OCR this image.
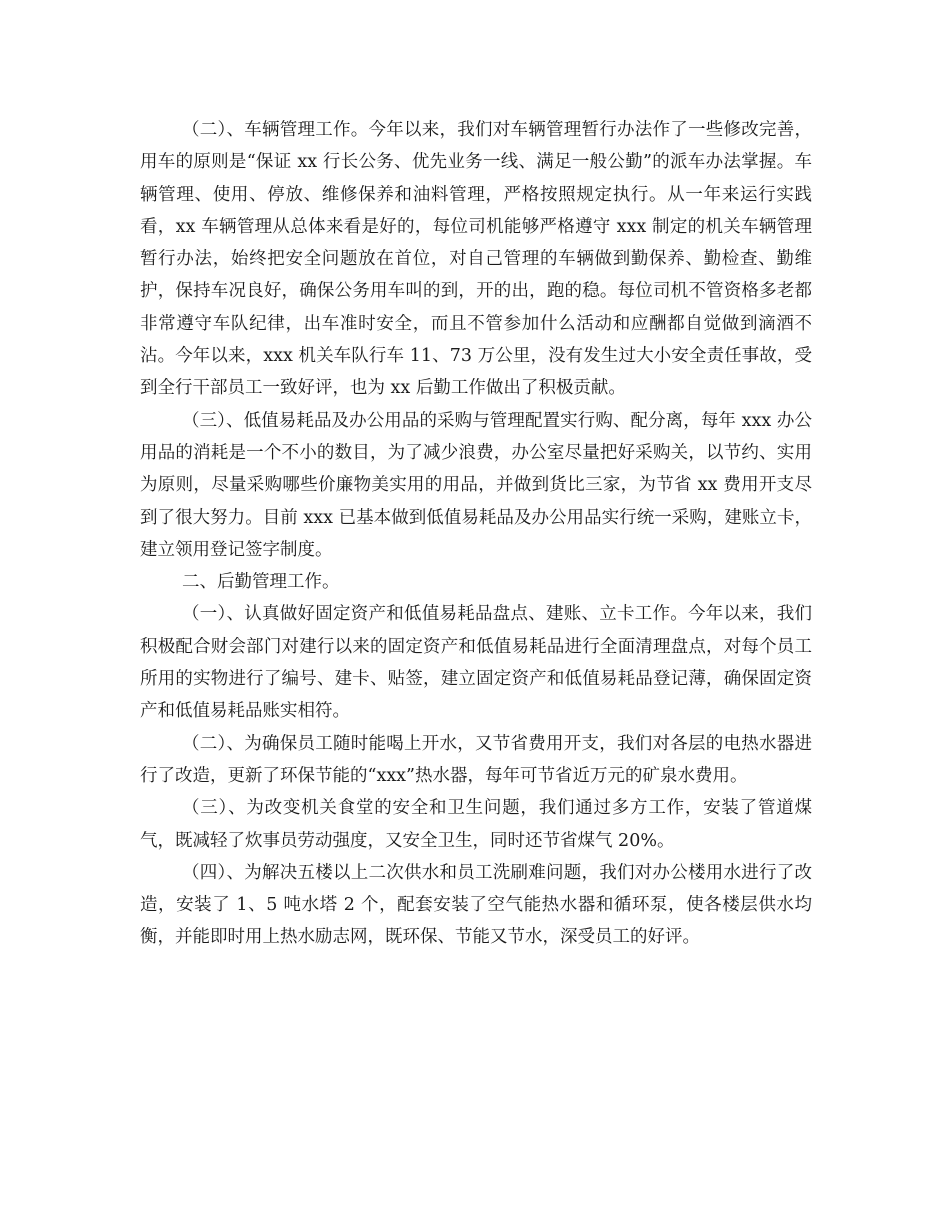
（二）、车辆管理工作。今年以来，我们对车辆管理暂行办法作了一些修改完善，用车的原则是“保证 xx 行长公务、优先业务一线、满足一般公勤”的派车办法掌握。车辆管理、使用、停放、维修保养和油料管理，严格按照规定执行。从一年来运行实践看，xx 车辆管理从总体来看是好的，每位司机能够严格遵守 xxx 制定的机关车辆管理暂行办法，始终把安全问题放在首位，对自己管理的车辆做到勤保养、勤检查、勤维护，保持车况良好，确保公务用车叫的到，开的出，跑的稳。每位司机不管资格多老都非常遵守车队纪律，出车准时安全，而且不管参加什么活动和应酬都自觉做到滴酒不沾。今年以来，xxx 机关车队行车 11、73 万公里，没有发生过大小安全责任事故，受到全行干部员工一致好评，也为 xx 后勤工作做出了积极贡献。

（三）、低值易耗品及办公用品的采购与管理配置实行购、配分离，每年 xxx 办公用品的消耗是一个不小的数目，为了减少浪费，办公室尽量把好采购关，以节约、实用为原则，尽量采购哪些价廉物美实用的用品，并做到货比三家，为节省 xx 费用开支尽到了很大努力。目前 xxx 已基本做到低值易耗品及办公用品实行统一采购，建账立卡，建立领用登记签字制度。

二、后勤管理工作。

（一）、认真做好固定资产和低值易耗品盘点、建账、立卡工作。今年以来，我们积极配合财会部门对建行以来的固定资产和低值易耗品进行全面清理盘点，对每个员工所用的实物进行了编号、建卡、贴签，建立固定资产和低值易耗品登记薄，确保固定资产和低值易耗品账实相符。

（二）、为确保员工随时能喝上开水，又节省费用开支，我们对各层的电热水器进行了改造，更新了环保节能的“xxx”热水器，每年可节省近万元的矿泉水费用。

（三）、为改变机关食堂的安全和卫生问题，我们通过多方工作，安装了管道煤气，既减轻了炊事员劳动强度，又安全卫生，同时还节省煤气 20%。

（四）、为解决五楼以上二次供水和员工洗刷难问题，我们对办公楼用水进行了改造，安装了 1、5 吨水塔 2 个，配套安装了空气能热水器和循环泵，使各楼层供水均衡，并能即时用上热水励志网，既环保、节能又节水，深受员工的好评。
